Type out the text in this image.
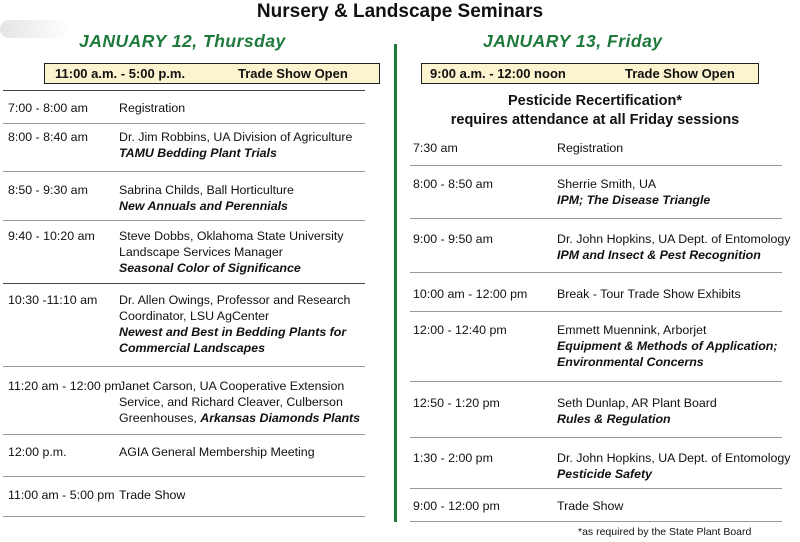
Nursery & Landscape Seminars
JANUARY 12, Thursday	JANUARY 13, Friday
11:00 a.m. - 5:00 p.m.	Trade Show Open	9:00 a.m. - 12:00 noon	Trade Show Open
Pesticide Recertification*
requires attendance at all Friday sessions
7:00 - 8:00 am	Registration
8:00 - 8:40 am	Dr. Jim Robbins, UA Division of Agriculture
TAMU Bedding Plant Trials
8:50 - 9:30 am	Sabrina Childs, Ball Horticulture
New Annuals and Perennials
9:40 - 10:20 am Steve Dobbs, Oklahoma State University
Landscape Services Manager
Seasonal Color of Significance
10:30 -11:10 am Dr. Allen Owings, Professor and Research
Coordinator, LSU AgCenter
Newest and Best in Bedding Plants for
Commercial Landscapes
11:20 am - 12:00 pm
Janet Carson, UA Cooperative Extension
Service, and Richard Cleaver, Culberson
Greenhouses, Arkansas Diamonds Plants
12:00 p.m.	AGIA General Membership Meeting
11:00 am - 5:00 pm Trade Show
7:30 am	Registration
8:00 - 8:50 am	Sherrie Smith, UA
IPM; The Disease Triangle
9:00 - 9:50 am	Dr. John Hopkins, UA Dept. of Entomology
IPM and Insect & Pest Recognition
10:00 am - 12:00 pm Break - Tour Trade Show Exhibits
12:00 - 12:40 pm	Emmett Muennink, Arborjet
Equipment & Methods of Application;
Environmental Concerns
12:50 - 1:20 pm	Seth Dunlap, AR Plant Board
Rules & Regulation
1:30 - 2:00 pm	Dr. John Hopkins, UA Dept. of Entomology
Pesticide Safety
9:00 - 12:00 pm	Trade Show
*as required by the State Plant Board
